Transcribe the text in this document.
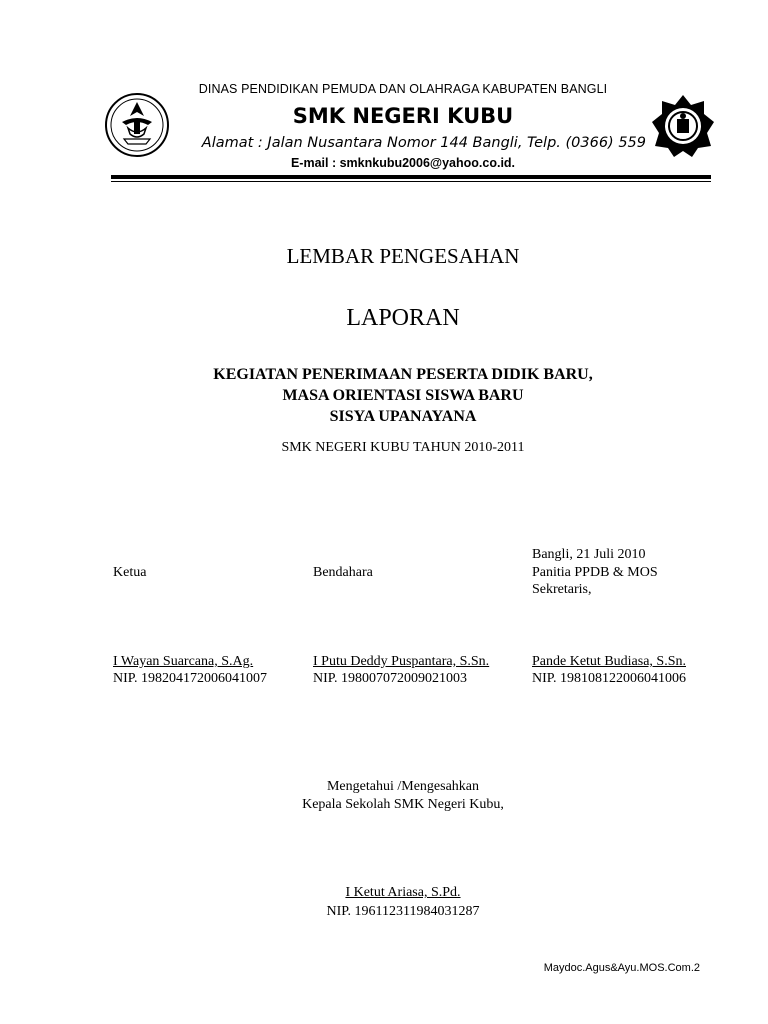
DINAS PENDIDIKAN PEMUDA DAN OLAHRAGA KABUPATEN BANGLI
SMK NEGERI KUBU
Alamat : Jalan Nusantara Nomor 144 Bangli, Telp. (0366) 559
E-mail : smknkubu2006@yahoo.co.id.
LEMBAR PENGESAHAN
LAPORAN
KEGIATAN PENERIMAAN PESERTA DIDIK BARU,
MASA ORIENTASI SISWA BARU
SISYA UPANAYANA
SMK NEGERI KUBU TAHUN 2010-2011
Bangli, 21 Juli 2010
Ketua	Bendahara	Panitia PPDB & MOS
Sekretaris,
I Wayan Suarcana, S.Ag.
NIP. 198204172006041007
I Putu Deddy Puspantara, S.Sn.
NIP. 198007072009021003
Pande Ketut Budiasa, S.Sn.
NIP. 198108122006041006
Mengetahui /Mengesahkan
Kepala Sekolah SMK Negeri Kubu,
I Ketut Ariasa, S.Pd.
NIP. 196112311984031287
Maydoc.Agus&Ayu.MOS.Com.2
